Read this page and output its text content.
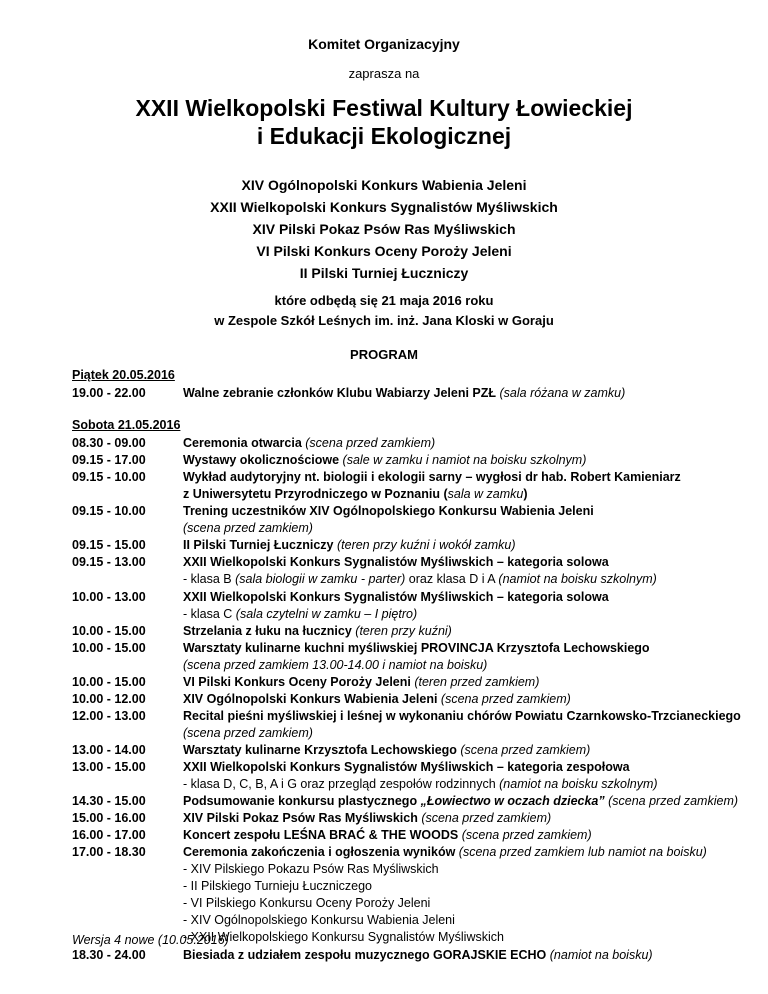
Komitet Organizacyjny
zaprasza na
XXII Wielkopolski Festiwal Kultury Łowieckiej
i Edukacji Ekologicznej
XIV Ogólnopolski Konkurs Wabienia Jeleni
XXII Wielkopolski Konkurs Sygnalistów Myśliwskich
XIV Pilski Pokaz Psów Ras Myśliwskich
VI Pilski Konkurs Oceny Poroży Jeleni
II Pilski Turniej Łuczniczy
które odbędą się 21 maja 2016 roku
w Zespole Szkół Leśnych im. inż. Jana Kloski w Goraju
PROGRAM
Piątek 20.05.2016
19.00 - 22.00	Walne zebranie członków Klubu Wabiarzy Jeleni PZŁ (sala różana w zamku)
Sobota 21.05.2016
08.30 - 09.00	Ceremonia otwarcia (scena przed zamkiem)
09.15 - 17.00	Wystawy okolicznościowe (sale w zamku i namiot na boisku szkolnym)
09.15 - 10.00	Wykład audytoryjny nt. biologii i ekologii sarny – wygłosi dr hab. Robert Kamieniarz
z Uniwersytetu Przyrodniczego w Poznaniu (sala w zamku)
09.15 - 10.00	Trening uczestników XIV Ogólnopolskiego Konkursu Wabienia Jeleni
(scena przed zamkiem)
09.15 - 15.00	II Pilski Turniej Łuczniczy (teren przy kuźni i wokół zamku)
09.15 - 13.00	XXII Wielkopolski Konkurs Sygnalistów Myśliwskich – kategoria solowa
- klasa B (sala biologii w zamku - parter) oraz klasa D i A (namiot na boisku szkolnym)
10.00 - 13.00	XXII Wielkopolski Konkurs Sygnalistów Myśliwskich – kategoria solowa
- klasa C (sala czytelni w zamku – I piętro)
10.00 - 15.00	Strzelania z łuku na łucznicy (teren przy kuźni)
10.00 - 15.00	Warsztaty kulinarne kuchni myśliwskiej PROVINCJA Krzysztofa Lechowskiego
(scena przed zamkiem 13.00-14.00 i namiot na boisku)
10.00 - 15.00	VI Pilski Konkurs Oceny Poroży Jeleni (teren przed zamkiem)
10.00 - 12.00	XIV Ogólnopolski Konkurs Wabienia Jeleni (scena przed zamkiem)
12.00 - 13.00	Recital pieśni myśliwskiej i leśnej w wykonaniu chórów Powiatu Czarnkowsko-Trzcianeckiego
(scena przed zamkiem)
13.00 - 14.00	Warsztaty kulinarne Krzysztofa Lechowskiego (scena przed zamkiem)
13.00 - 15.00	XXII Wielkopolski Konkurs Sygnalistów Myśliwskich – kategoria zespołowa
- klasa D, C, B, A i G oraz przegląd zespołów rodzinnych (namiot na boisku szkolnym)
14.30 - 15.00	Podsumowanie konkursu plastycznego „Łowiectwo w oczach dziecka” (scena przed zamkiem)
15.00 - 16.00	XIV Pilski Pokaz Psów Ras Myśliwskich (scena przed zamkiem)
16.00 - 17.00	Koncert zespołu LEŚNA BRAĆ & THE WOODS (scena przed zamkiem)
17.00 - 18.30	Ceremonia zakończenia i ogłoszenia wyników (scena przed zamkiem lub namiot na boisku)
- XIV Pilskiego Pokazu Psów Ras Myśliwskich
- II Pilskiego Turnieju Łuczniczego
- VI Pilskiego Konkursu Oceny Poroży Jeleni
- XIV Ogólnopolskiego Konkursu Wabienia Jeleni
- XXII Wielkopolskiego Konkursu Sygnalistów Myśliwskich
18.30 - 24.00	Biesiada z udziałem zespołu muzycznego GORAJSKIE ECHO (namiot na boisku)
Wersja 4 nowe (10.05.2016)
